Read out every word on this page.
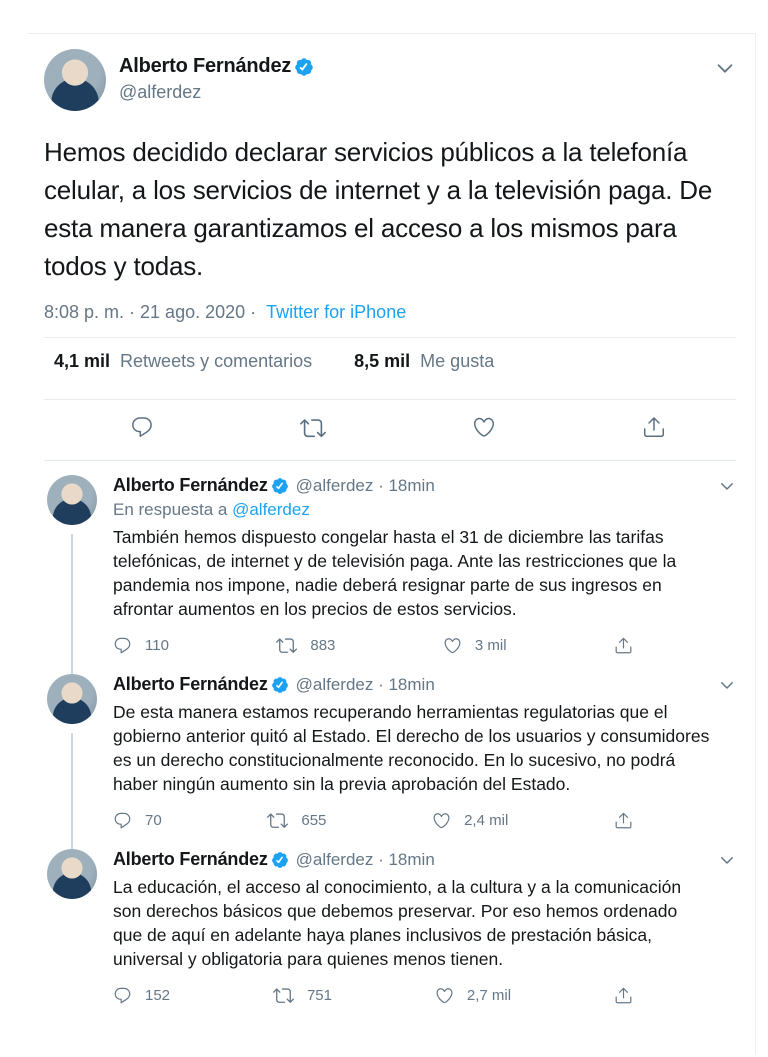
Alberto Fernández
@alferdez
Hemos decidido declarar servicios públicos a la telefonía celular, a los servicios de internet y a la televisión paga. De esta manera garantizamos el acceso a los mismos para todos y todas.
8:08 p. m. · 21 ago. 2020 · Twitter for iPhone
4,1 mil Retweets y comentarios 8,5 mil Me gusta
Alberto Fernández @alferdez · 18min
En respuesta a @alferdez
También hemos dispuesto congelar hasta el 31 de diciembre las tarifas telefónicas, de internet y de televisión paga. Ante las restricciones que la pandemia nos impone, nadie deberá resignar parte de sus ingresos en afrontar aumentos en los precios de estos servicios.
110	883	3 mil
Alberto Fernández @alferdez · 18min
De esta manera estamos recuperando herramientas regulatorias que el gobierno anterior quitó al Estado. El derecho de los usuarios y consumidores es un derecho constitucionalmente reconocido. En lo sucesivo, no podrá haber ningún aumento sin la previa aprobación del Estado.
70	655	2,4 mil
Alberto Fernández @alferdez · 18min
La educación, el acceso al conocimiento, a la cultura y a la comunicación son derechos básicos que debemos preservar. Por eso hemos ordenado que de aquí en adelante haya planes inclusivos de prestación básica, universal y obligatoria para quienes menos tienen.
152	751	2,7 mil
